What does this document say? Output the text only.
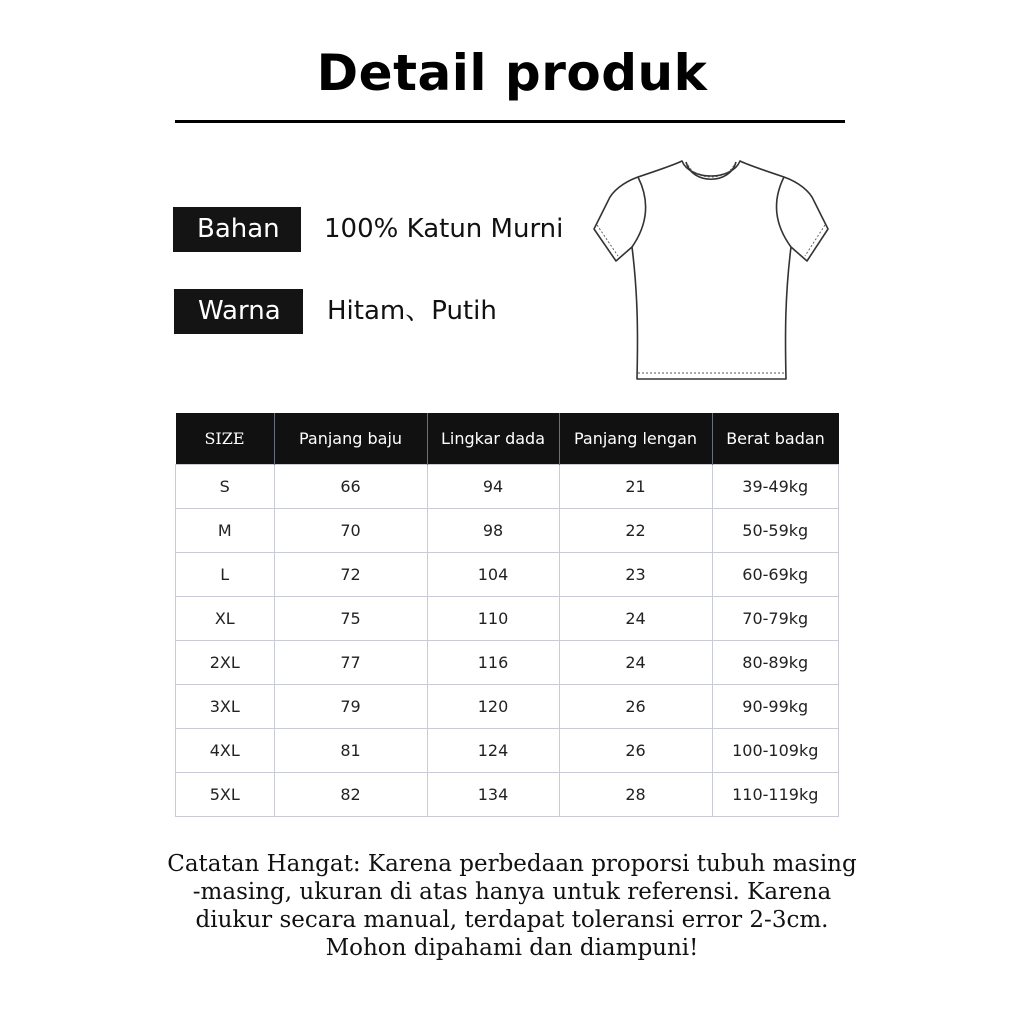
Detail produk
Bahan	100% Katun Murni
Warna	Hitam、Putih
SIZE	Panjang baju	Lingkar dada	Panjang lengan	Berat badan
S	66	94	21	39-49kg
M	70	98	22	50-59kg
L	72	104	23	60-69kg
XL	75	110	24	70-79kg
2XL	77	116	24	80-89kg
3XL	79	120	26	90-99kg
4XL	81	124	26	100-109kg
5XL	82	134	28	110-119kg
Catatan Hangat: Karena perbedaan proporsi tubuh masing
-masing, ukuran di atas hanya untuk referensi. Karena
diukur secara manual, terdapat toleransi error 2-3cm.
Mohon dipahami dan diampuni!
